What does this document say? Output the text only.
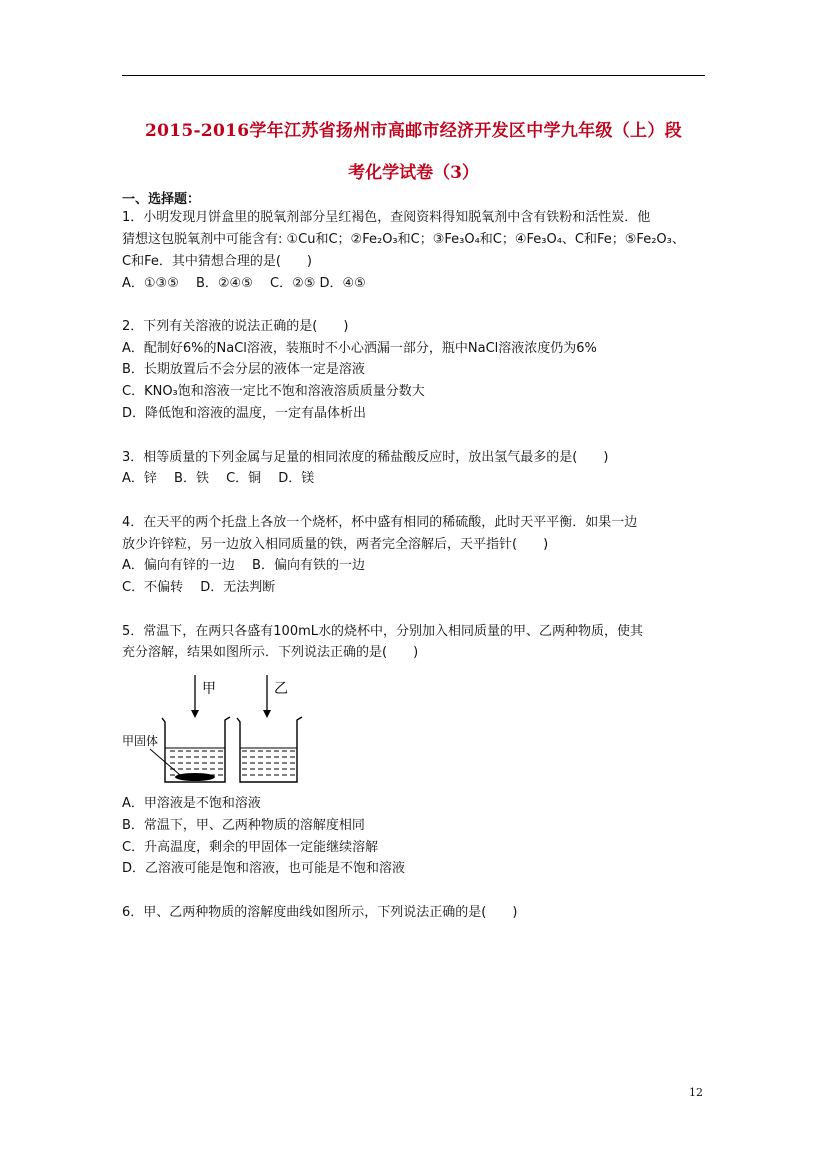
2015-2016学年江苏省扬州市高邮市经济开发区中学九年级（上）段
考化学试卷（3）
一、选择题：
1．小明发现月饼盒里的脱氧剂部分呈红褐色，查阅资料得知脱氧剂中含有铁粉和活性炭．他
猜想这包脱氧剂中可能含有: ①Cu和C；②Fe₂O₃和C；③Fe₃O₄和C；④Fe₃O₄、C和Fe；⑤Fe₂O₃、
C和Fe．其中猜想合理的是(　　)
A．①③⑤　 B．②④⑤　 C．②⑤ D．④⑤
2．下列有关溶液的说法正确的是(　　)
A．配制好6%的NaCl溶液，装瓶时不小心洒漏一部分，瓶中NaCl溶液浓度仍为6%
B．长期放置后不会分层的液体一定是溶液
C．KNO₃饱和溶液一定比不饱和溶液溶质质量分数大
D．降低饱和溶液的温度，一定有晶体析出
3．相等质量的下列金属与足量的相同浓度的稀盐酸反应时，放出氢气最多的是(　　)
A．锌　 B．铁　 C．铜　 D．镁
4．在天平的两个托盘上各放一个烧杯，杯中盛有相同的稀硫酸，此时天平平衡．如果一边
放少许锌粒，另一边放入相同质量的铁，两者完全溶解后，天平指针(　　)
A．偏向有锌的一边　 B．偏向有铁的一边
C．不偏转　 D．无法判断
5．常温下，在两只各盛有100mL水的烧杯中，分别加入相同质量的甲、乙两种物质，使其
充分溶解，结果如图所示．下列说法正确的是(　　)
甲	乙
甲固体
A．甲溶液是不饱和溶液
B．常温下，甲、乙两种物质的溶解度相同
C．升高温度，剩余的甲固体一定能继续溶解
D．乙溶液可能是饱和溶液，也可能是不饱和溶液
6．甲、乙两种物质的溶解度曲线如图所示，下列说法正确的是(　　)
12
